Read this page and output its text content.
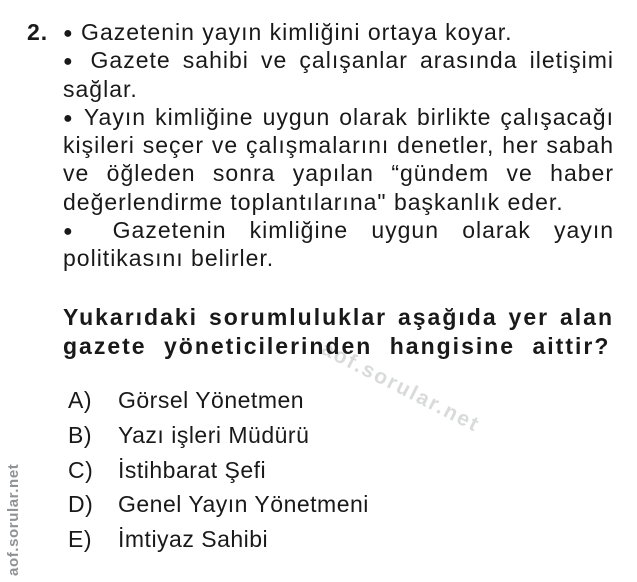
aof.sorular.net
aof.sorular.net
2. ● Gazetenin yayın kimliğini ortaya koyar.
● Gazete sahibi ve çalışanlar arasında iletişimi
sağlar.
● Yayın kimliğine uygun olarak birlikte çalışacağı
kişileri seçer ve çalışmalarını denetler, her sabah
ve öğleden sonra yapılan “gündem ve haber
değerlendirme toplantılarına" başkanlık eder.
● Gazetenin kimliğine uygun olarak yayın
politikasını belirler.
Yukarıdaki sorumluluklar aşağıda yer alan
gazete yöneticilerinden hangisine aittir?
A)	Görsel Yönetmen
B)	Yazı işleri Müdürü
C)	İstihbarat Şefi
D)	Genel Yayın Yönetmeni
E)	İmtiyaz Sahibi
